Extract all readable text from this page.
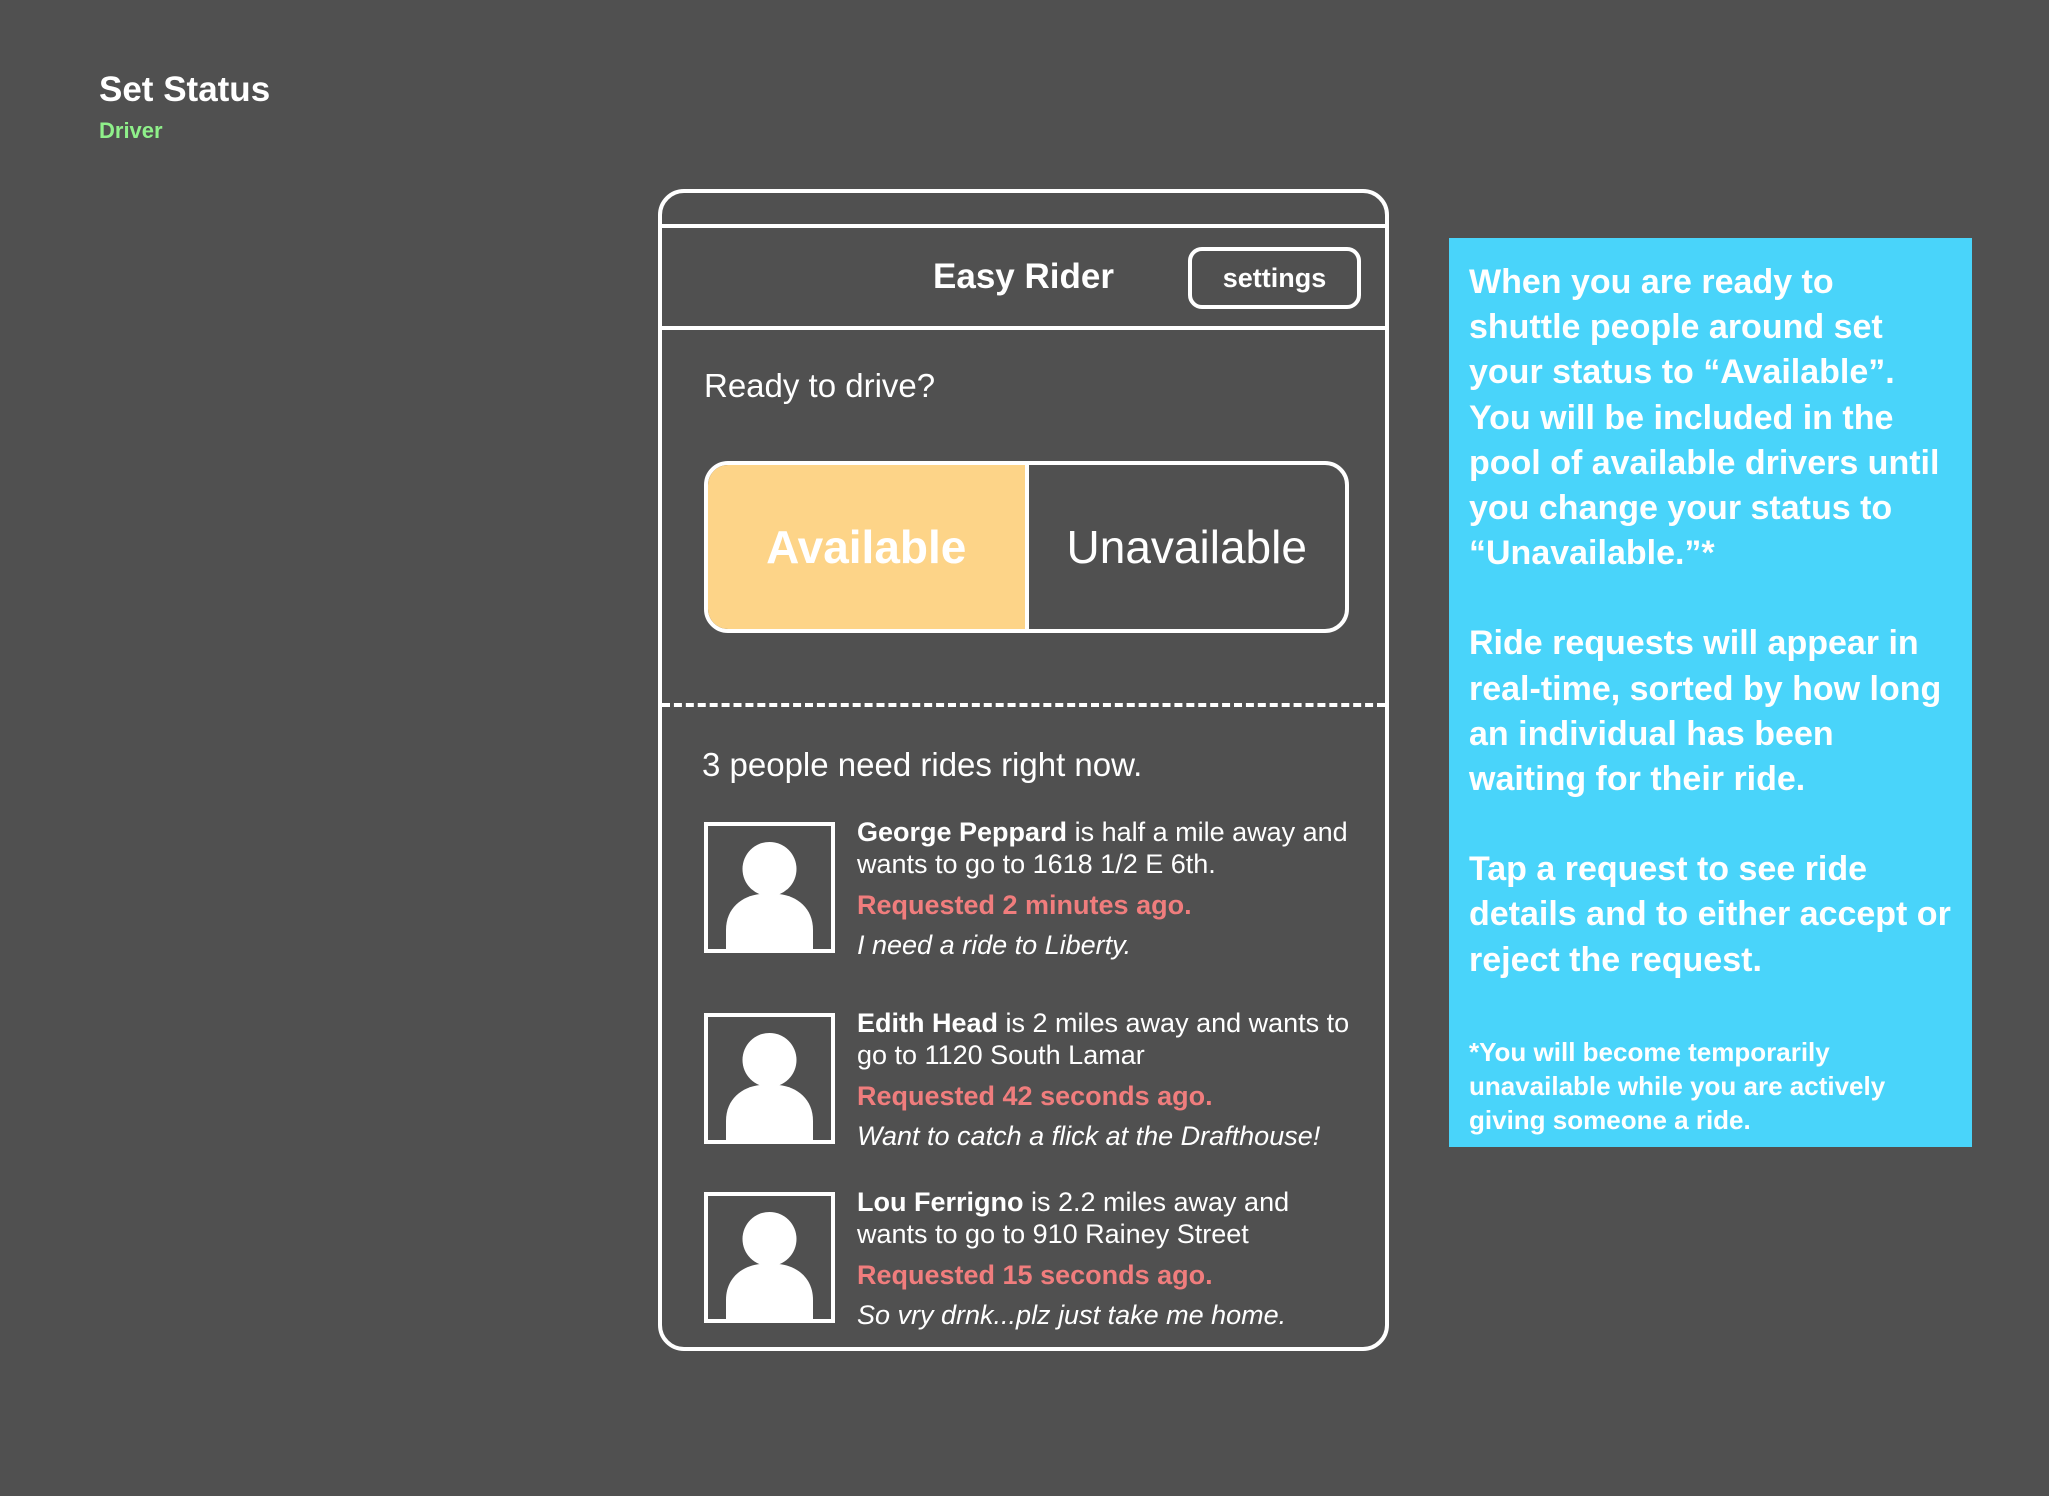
Set Status
Driver
Easy Rider	settings
Ready to drive?
Available	Unavailable
3 people need rides right now.

George Peppard is half a mile away and wants to go to 1618 1/2 E 6th.

Requested 2 minutes ago.
I need a ride to Liberty.

Edith Head is 2 miles away and wants to go to 1120 South Lamar

Requested 42 seconds ago.
Want to catch a flick at the Drafthouse!

Lou Ferrigno is 2.2 miles away and wants to go to 910 Rainey Street

Requested 15 seconds ago.
So vry drnk...plz just take me home.

When you are ready to shuttle people around set your status to “Available”. You will be included in the pool of available drivers until you change your status to “Unavailable.”*

Ride requests will appear in real-time, sorted by how long an individual has been waiting for their ride.

Tap a request to see ride details and to either accept or reject the request.

*You will become temporarily unavailable while you are actively giving someone a ride.
